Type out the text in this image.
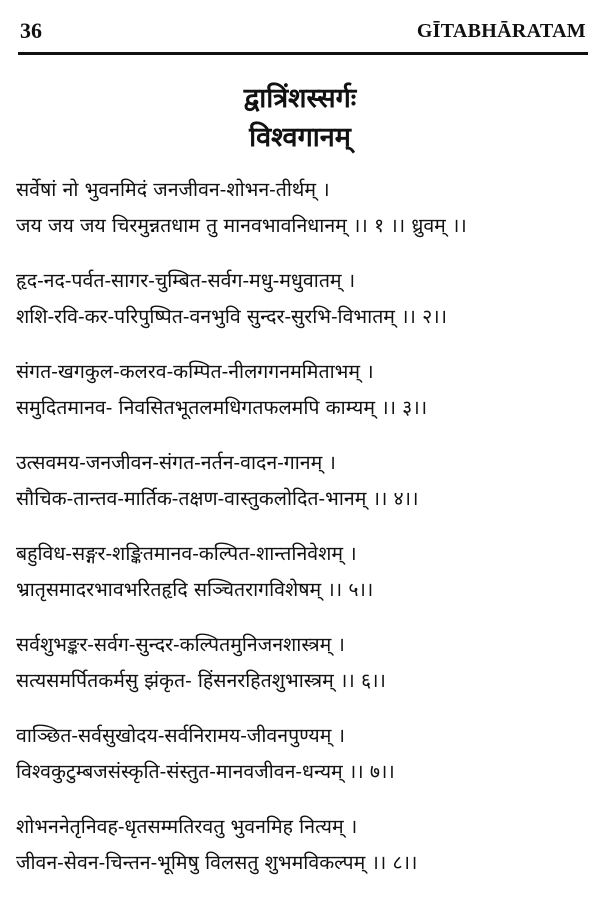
36	GĪTABHĀRATAM
द्वात्रिंशस्सर्गः
विश्वगानम्
सर्वेषां नो भुवनमिदं जनजीवन-शोभन-तीर्थम् ।
जय जय जय चिरमुन्नतधाम तु मानवभावनिधानम् ।। १ ।। ध्रुवम् ।।
हृद-नद-पर्वत-सागर-चुम्बित-सर्वग-मधु-मधुवातम् ।
शशि-रवि-कर-परिपुष्पित-वनभुवि सुन्दर-सुरभि-विभातम् ।। २।।
संगत-खगकुल-कलरव-कम्पित-नीलगगनममिताभम् ।
समुदितमानव- निवसितभूतलमधिगतफलमपि काम्यम् ।। ३।।
उत्सवमय-जनजीवन-संगत-नर्तन-वादन-गानम् ।
सौचिक-तान्तव-मार्तिक-तक्षण-वास्तुकलोदित-भानम् ।। ४।।
बहुविध-सङ्गर-शङ्कितमानव-कल्पित-शान्तनिवेशम् ।
भ्रातृसमादरभावभरितहृदि सञ्चितरागविशेषम् ।। ५।।
सर्वशुभङ्कर-सर्वग-सुन्दर-कल्पितमुनिजनशास्त्रम् ।
सत्यसमर्पितकर्मसु झंकृत- हिंसनरहितशुभास्त्रम् ।। ६।।
वाञ्छित-सर्वसुखोदय-सर्वनिरामय-जीवनपुण्यम् ।
विश्वकुटुम्बजसंस्कृति-संस्तुत-मानवजीवन-धन्यम् ।। ७।।
शोभननेतृनिवह-धृतसम्मतिरवतु भुवनमिह नित्यम् ।
जीवन-सेवन-चिन्तन-भूमिषु विलसतु शुभमविकल्पम् ।। ८।।
